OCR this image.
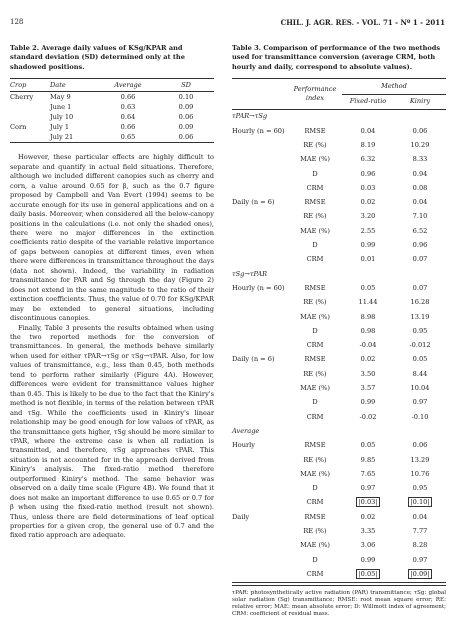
128	CHIL. J. AGR. RES. - VOL. 71 - Nº 1 - 2011
Table 2. Average daily values of KSg/KPAR and standard deviation (SD) determined only at the shadowed positions.
Crop	Date	Average	SD
Cherry	May 9	0.66	0.10
	June 1	0.63	0.09
	July 10	0.64	0.06
Corn	July 1	0.66	0.09
	July 21	0.65	0.06

However, these particular effects are highly difficult to separate and quantify in actual field situations. Therefore, although we included different canopies such as cherry and corn, a value around 0.65 for β, such as the 0.7 figure proposed by Campbell and Van Evert (1994) seems to be accurate enough for its use in general applications and on a daily basis. Moreover, when considered all the below-canopy positions in the calculations (i.e. not only the shaded ones), there were no major differences in the extinction coefficients ratio despite of the variable relative importance of gaps between canopies at different times, even when there were differences in transmittance throughout the days (data not shown). Indeed, the variability in radiation transmittance for PAR and Sg through the day (Figure 2) does not extend in the same magnitude to the ratio of their extinction coefficients. Thus, the value of 0.70 for KSg/KPAR may be extended to general situations, including discontinuous canopies.

Finally, Table 3 presents the results obtained when using the two reported methods for the conversion of transmittances. In general, the methods behave similarly when used for either τPAR→τSg or τSg→τPAR. Also, for low values of transmittance, e.g., less than 0.45, both methods tend to perform rather similarly (Figure 4A). However, differences were evident for transmittance values higher than 0.45. This is likely to be due to the fact that the Kiniry's method is not flexible, in terms of the relation between τPAR and τSg. While the coefficients used in Kiniry's linear relationship may be good enough for low values of τPAR, as the transmittance gets higher, τSg should be more similar to τPAR, where the extreme case is when all radiation is transmitted, and therefore, τSg approaches τPAR. This situation is not accounted for in the approach derived from Kiniry's analysis. The fixed-ratio method therefore outperformed Kiniry's method. The same behavior was observed on a daily time scale (Figure 4B). We found that it does not make an important difference to use 0.65 or 0.7 for β when using the fixed-ratio method (result not shown). Thus, unless there are field determinations of leaf optical properties for a given crop, the general use of 0.7 and the fixed ratio approach are adequate.

Table 3. Comparison of performance of the two methods used for transmittance conversion (average CRM, both hourly and daily, correspond to absolute values).
	Performance index	Method	
		Fixed-ratio	Kiniry
τPAR→τSg			
Hourly (n = 60)	RMSE	0.04	0.06
	RE (%)	8.19	10.29
	MAE (%)	6.32	8.33
	D	0.96	0.94
	CRM	0.03	0.08
Daily (n = 6)	RMSE	0.02	0.04
	RE (%)	3.20	7.10
	MAE (%)	2.55	6.52
	D	0.99	0.96
	CRM	0.01	0.07
τSg→τPAR			
Hourly (n = 60)	RMSE	0.05	0.07
	RE (%)	11.44	16.28
	MAE (%)	8.98	13.19
	D	0.98	0.95
	CRM	-0.04	-0.012
Daily (n = 6)	RMSE	0.02	0.05
	RE (%)	3.50	8.44
	MAE (%)	3.57	10.04
	D	0.99	0.97
	CRM	-0.02	-0.10
Average			
Hourly	RMSE	0.05	0.06
	RE (%)	9.85	13.29
	MAE (%)	7.65	10.76
	D	0.97	0.95
	CRM	|0.03|	|0.10|
Daily	RMSE	0.02	0.04
	RE (%)	3.35	7.77
	MAE (%)	3.06	8.28
	D	0.99	0.97
	CRM	|0.05|	|0.09|
τPAR: photosynthetically active radiation (PAR) transmittance; τSg: global solar radiation (Sg) transmittance; RMSE: root mean square error; RE: relative error; MAE: mean absolute error; D: Willmott index of agreement; CRM: coefficient of residual mass.
